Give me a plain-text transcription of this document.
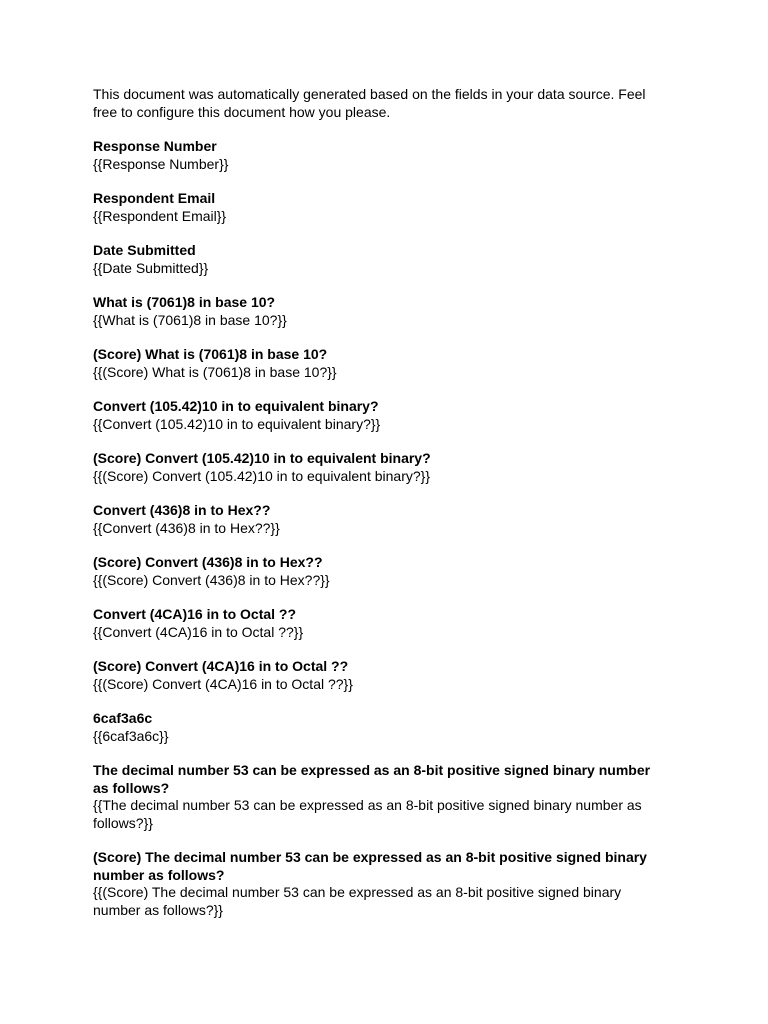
This document was automatically generated based on the fields in your data source. Feel free to configure this document how you please.

Response Number

{{Response Number}}

Respondent Email

{{Respondent Email}}

Date Submitted

{{Date Submitted}}

What is (7061)8 in base 10?

{{What is (7061)8 in base 10?}}

(Score) What is (7061)8 in base 10?

{{(Score) What is (7061)8 in base 10?}}

Convert (105.42)10 in to equivalent binary?

{{Convert (105.42)10 in to equivalent binary?}}

(Score) Convert (105.42)10 in to equivalent binary?

{{(Score) Convert (105.42)10 in to equivalent binary?}}

Convert (436)8 in to Hex??

{{Convert (436)8 in to Hex??}}

(Score) Convert (436)8 in to Hex??

{{(Score) Convert (436)8 in to Hex??}}

Convert (4CA)16 in to Octal ??

{{Convert (4CA)16 in to Octal ??}}

(Score) Convert (4CA)16 in to Octal ??

{{(Score) Convert (4CA)16 in to Octal ??}}

6caf3a6c

{{6caf3a6c}}

The decimal number 53 can be expressed as an 8-bit positive signed binary number as follows?

{{The decimal number 53 can be expressed as an 8-bit positive signed binary number as follows?}}

(Score) The decimal number 53 can be expressed as an 8-bit positive signed binary number as follows?

{{(Score) The decimal number 53 can be expressed as an 8-bit positive signed binary number as follows?}}
